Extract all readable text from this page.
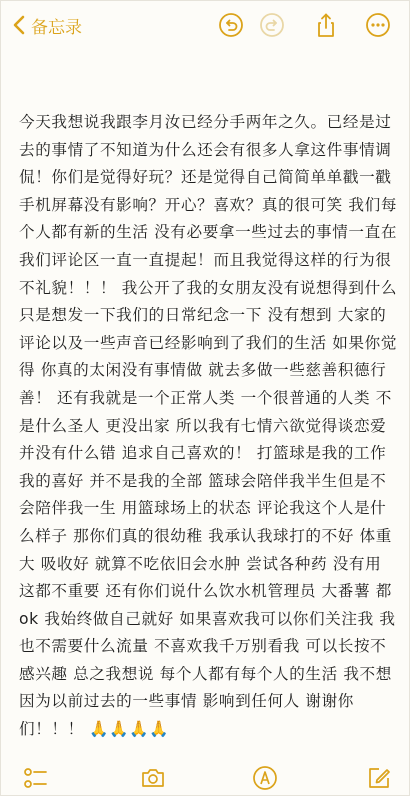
备忘录
今天我想说我跟李月汝已经分手两年之久。已经是过去的事情了不知道为什么还会有很多人拿这件事情调侃！你们是觉得好玩？还是觉得自己简简单单戳一戳手机屏幕没有影响？开心？喜欢？真的很可笑 我们每个人都有新的生活 没有必要拿一些过去的事情一直在我们评论区一直一直提起！而且我觉得这样的行为很不礼貌！！！ 我公开了我的女朋友没有说想得到什么 只是想发一下我们的日常纪念一下 没有想到 大家的评论以及一些声音已经影响到了我们的生活 如果你觉得 你真的太闲没有事情做 就去多做一些慈善积德行善！ 还有我就是一个正常人类 一个很普通的人类 不是什么圣人 更没出家 所以我有七情六欲觉得谈恋爱并没有什么错 追求自己喜欢的！ 打篮球是我的工作我的喜好 并不是我的全部 篮球会陪伴我半生但是不会陪伴我一生 用篮球场上的状态 评论我这个人是什么样子 那你们真的很幼稚 我承认我球打的不好 体重大 吸收好 就算不吃依旧会水肿 尝试各种药 没有用 这都不重要 还有你们说什么饮水机管理员 大番薯 都 ok 我始终做自己就好 如果喜欢我可以你们关注我 我也不需要什么流量 不喜欢我千万别看我 可以长按不感兴趣 总之我想说 每个人都有每个人的生活 我不想因为以前过去的一些事情 影响到任何人 谢谢你们！！！ 🙏🙏🙏🙏
